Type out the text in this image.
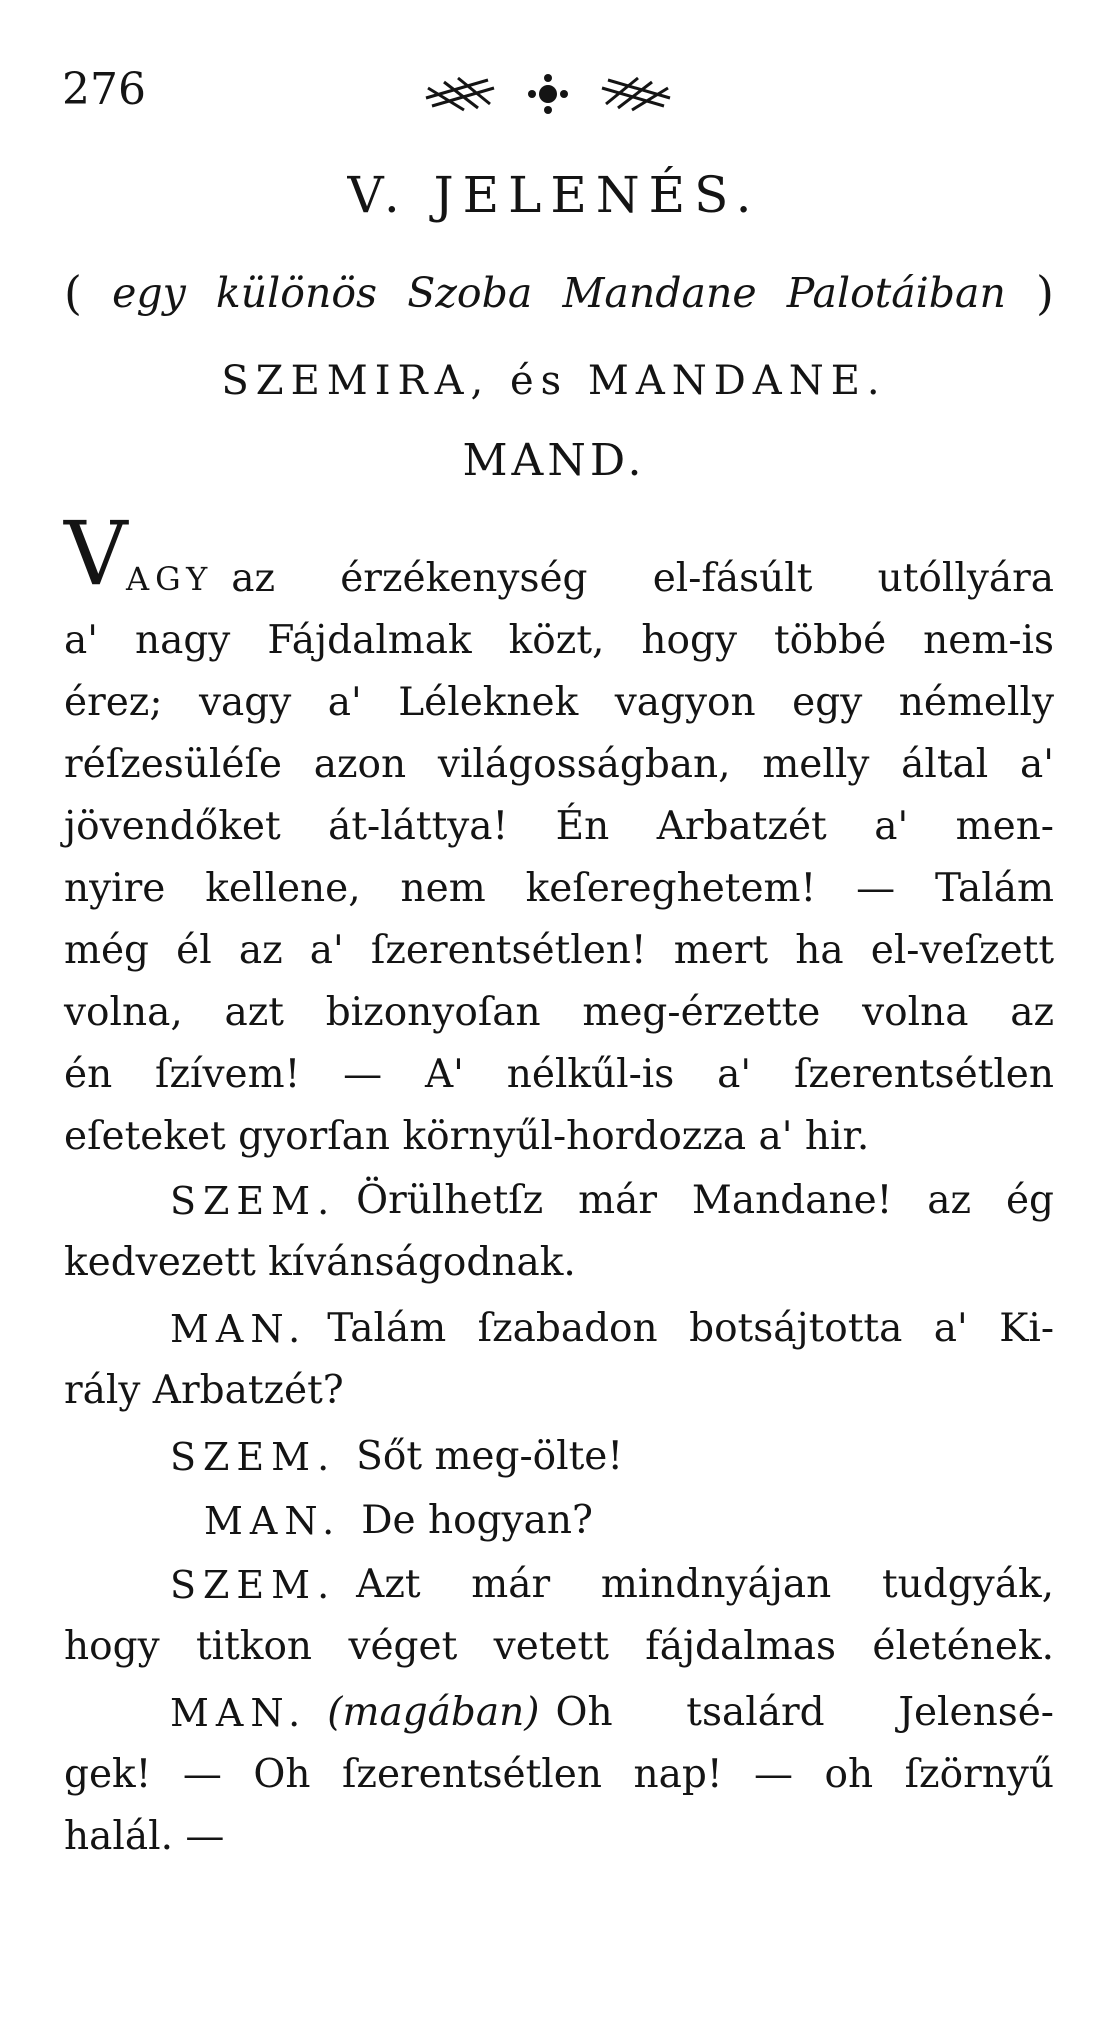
276
V. JELENÉS.
( egy különös Szoba Mandane Palotáiban )
SZEMIRA, és MANDANE.
MAND.
V
AGY az érzékenység el-fásúlt utóllyára
a' nagy Fájdalmak közt, hogy többé nem-is
érez; vagy a' Léleknek vagyon egy némelly
réſzesüléſe azon világosságban, melly által a'
jövendőket át-láttya! Én Arbatzét a' men-
nyire kellene, nem keſereghetem! — Talám
még él az a' ſzerentsétlen! mert ha el-veſzett
volna, azt bizonyoſan meg-érzette volna az
én ſzívem! — A' nélkűl-is a' ſzerentsétlen
eſeteket gyorſan környűl-hordozza a' hir.
SZEM. Örülhetſz már Mandane! az ég
kedvezett kívánságodnak.
MAN. Talám ſzabadon botsájtotta a' Ki-
rály Arbatzét?
SZEM. Sőt meg-ölte!
MAN. De hogyan?
SZEM. Azt már mindnyájan tudgyák,
hogy titkon véget vetett fájdalmas életének.
MAN. (magában) Oh tsalárd Jelensé-
gek! — Oh ſzerentsétlen nap! — oh ſzörnyű
halál. —
